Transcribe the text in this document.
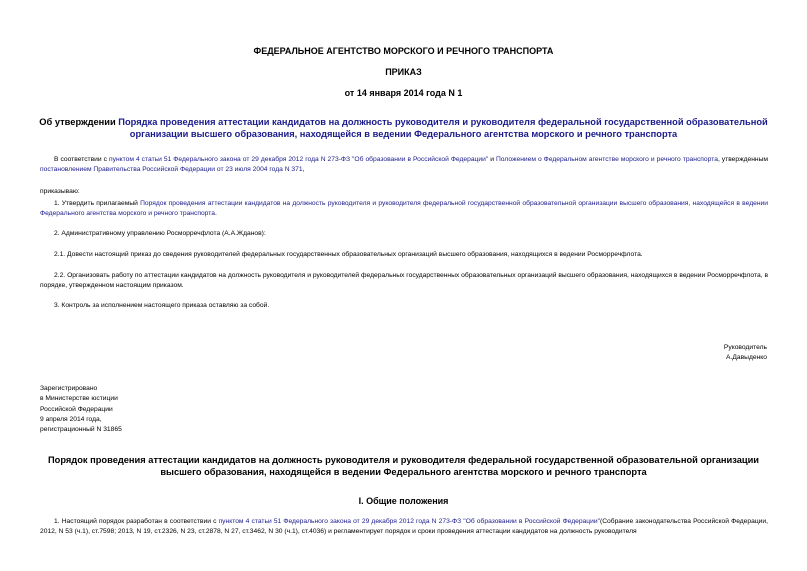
ФЕДЕРАЛЬНОЕ АГЕНТСТВО МОРСКОГО И РЕЧНОГО ТРАНСПОРТА
ПРИКАЗ
от 14 января 2014 года N 1
Об утверждении Порядка проведения аттестации кандидатов на должность руководителя и руководителя федеральной государственной образовательной организации высшего образования, находящейся в ведении Федерального агентства морского и речного транспорта
В соответствии с пунктом 4 статьи 51 Федерального закона от 29 декабря 2012 года N 273-ФЗ "Об образовании в Российской Федерации" и Положением о Федеральном агентстве морского и речного транспорта, утвержденным постановлением Правительства Российской Федерации от 23 июля 2004 года N 371,
приказываю:
1. Утвердить прилагаемый Порядок проведения аттестации кандидатов на должность руководителя и руководителя федеральной государственной образовательной организации высшего образования, находящейся в ведении Федерального агентства морского и речного транспорта.
2. Административному управлению Росморречфлота (А.А.Жданов):
2.1. Довести настоящий приказ до сведения руководителей федеральных государственных образовательных организаций высшего образования, находящихся в ведении Росморречфлота.
2.2. Организовать работу по аттестации кандидатов на должность руководителя и руководителей федеральных государственных образовательных организаций высшего образования, находящихся в ведении Росморречфлота, в порядке, утвержденном настоящим приказом.
3. Контроль за исполнением настоящего приказа оставляю за собой.
Руководитель
А.Давыденко
Зарегистрировано
в Министерстве юстиции
Российской Федерации
9 апреля 2014 года,
регистрационный N 31865
Порядок проведения аттестации кандидатов на должность руководителя и руководителя федеральной государственной образовательной организации высшего образования, находящейся в ведении Федерального агентства морского и речного транспорта
I. Общие положения
1. Настоящий порядок разработан в соответствии с пунктом 4 статьи 51 Федерального закона от 29 декабря 2012 года N 273-ФЗ "Об образовании в Российской Федерации"(Собрание законодательства Российской Федерации, 2012, N 53 (ч.1), ст.7598; 2013, N 19, ст.2326, N 23, ст.2878, N 27, ст.3462, N 30 (ч.1), ст.4036) и регламентирует порядок и сроки проведения аттестации кандидатов на должность руководителя
